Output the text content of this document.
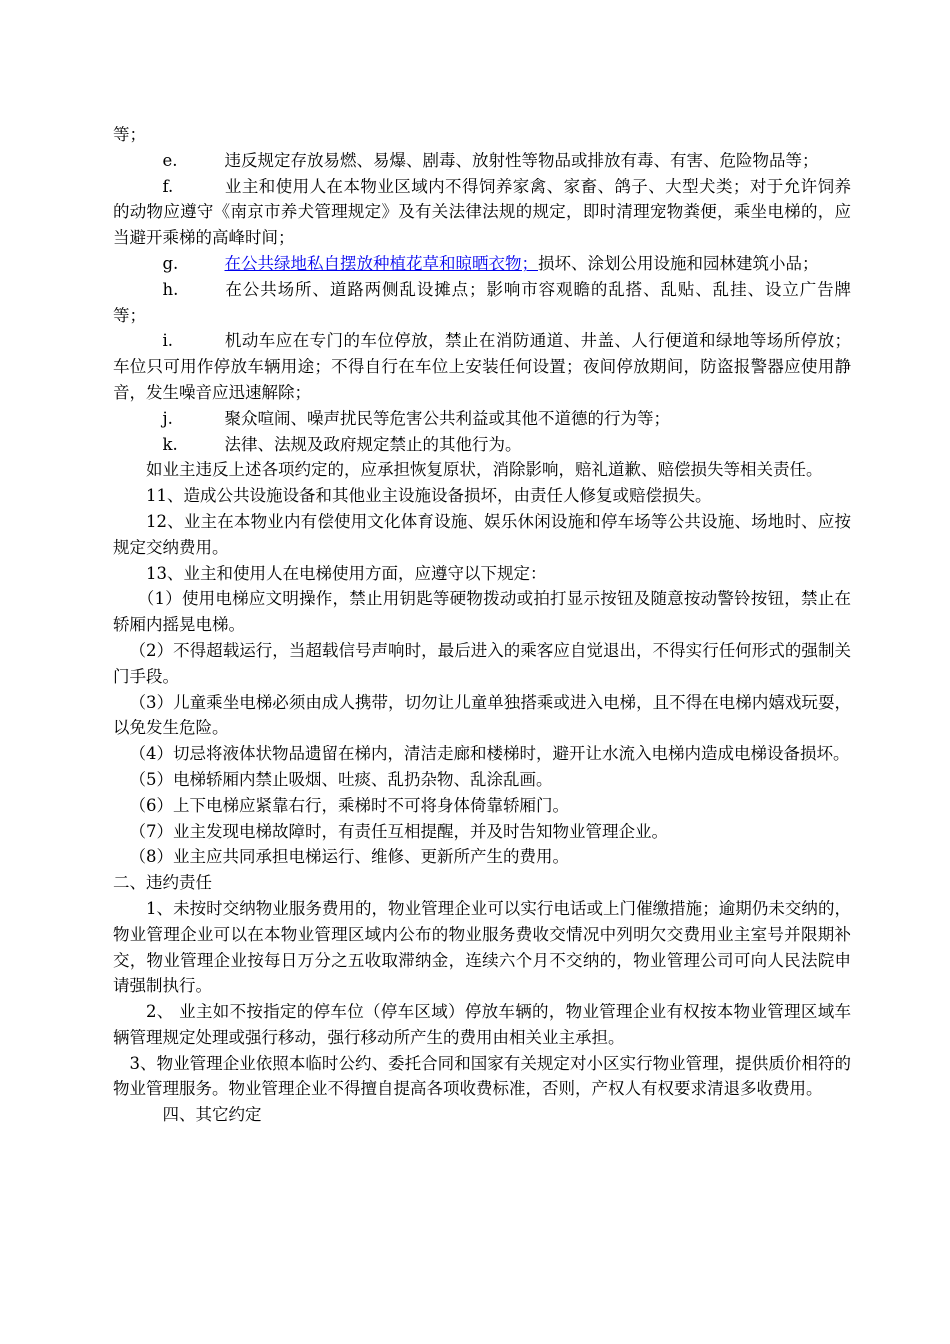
等；

e.	违反规定存放易燃、易爆、剧毒、放射性等物品或排放有毒、有害、危险物品等；

f.	业主和使用人在本物业区域内不得饲养家禽、家畜、鸽子、大型犬类；对于允许饲养的动物应遵守《南京市养犬管理规定》及有关法律法规的规定，即时清理宠物粪便，乘坐电梯的，应当避开乘梯的高峰时间；

g.	在公共绿地私自摆放种植花草和晾晒衣物；损坏、涂划公用设施和园林建筑小品；

h.	在公共场所、道路两侧乱设摊点；影响市容观瞻的乱搭、乱贴、乱挂、设立广告牌等；

i.	机动车应在专门的车位停放，禁止在消防通道、井盖、人行便道和绿地等场所停放；车位只可用作停放车辆用途；不得自行在车位上安装任何设置；夜间停放期间，防盗报警器应使用静音，发生噪音应迅速解除；

j.	聚众喧闹、噪声扰民等危害公共利益或其他不道德的行为等；

k.	法律、法规及政府规定禁止的其他行为。

如业主违反上述各项约定的，应承担恢复原状，消除影响，赔礼道歉、赔偿损失等相关责任。

11、造成公共设施设备和其他业主设施设备损坏，由责任人修复或赔偿损失。

12、业主在本物业内有偿使用文化体育设施、娱乐休闲设施和停车场等公共设施、场地时、应按规定交纳费用。

13、业主和使用人在电梯使用方面，应遵守以下规定：

（1）使用电梯应文明操作，禁止用钥匙等硬物拨动或拍打显示按钮及随意按动警铃按钮，禁止在轿厢内摇晃电梯。

（2）不得超载运行，当超载信号声响时，最后进入的乘客应自觉退出，不得实行任何形式的强制关门手段。

（3）儿童乘坐电梯必须由成人携带，切勿让儿童单独搭乘或进入电梯，且不得在电梯内嬉戏玩耍，以免发生危险。

（4）切忌将液体状物品遗留在梯内，清洁走廊和楼梯时，避开让水流入电梯内造成电梯设备损坏。

（5）电梯轿厢内禁止吸烟、吐痰、乱扔杂物、乱涂乱画。

（6）上下电梯应紧靠右行，乘梯时不可将身体倚靠轿厢门。

（7）业主发现电梯故障时，有责任互相提醒，并及时告知物业管理企业。

（8）业主应共同承担电梯运行、维修、更新所产生的费用。

二、违约责任

1、未按时交纳物业服务费用的，物业管理企业可以实行电话或上门催缴措施；逾期仍未交纳的，物业管理企业可以在本物业管理区域内公布的物业服务费收交情况中列明欠交费用业主室号并限期补交，物业管理企业按每日万分之五收取滞纳金，连续六个月不交纳的，物业管理公司可向人民法院申请强制执行。

2、 业主如不按指定的停车位（停车区域）停放车辆的，物业管理企业有权按本物业管理区域车辆管理规定处理或强行移动，强行移动所产生的费用由相关业主承担。

3、物业管理企业依照本临时公约、委托合同和国家有关规定对小区实行物业管理，提供质价相符的物业管理服务。物业管理企业不得擅自提高各项收费标准，否则，产权人有权要求清退多收费用。

四、其它约定
